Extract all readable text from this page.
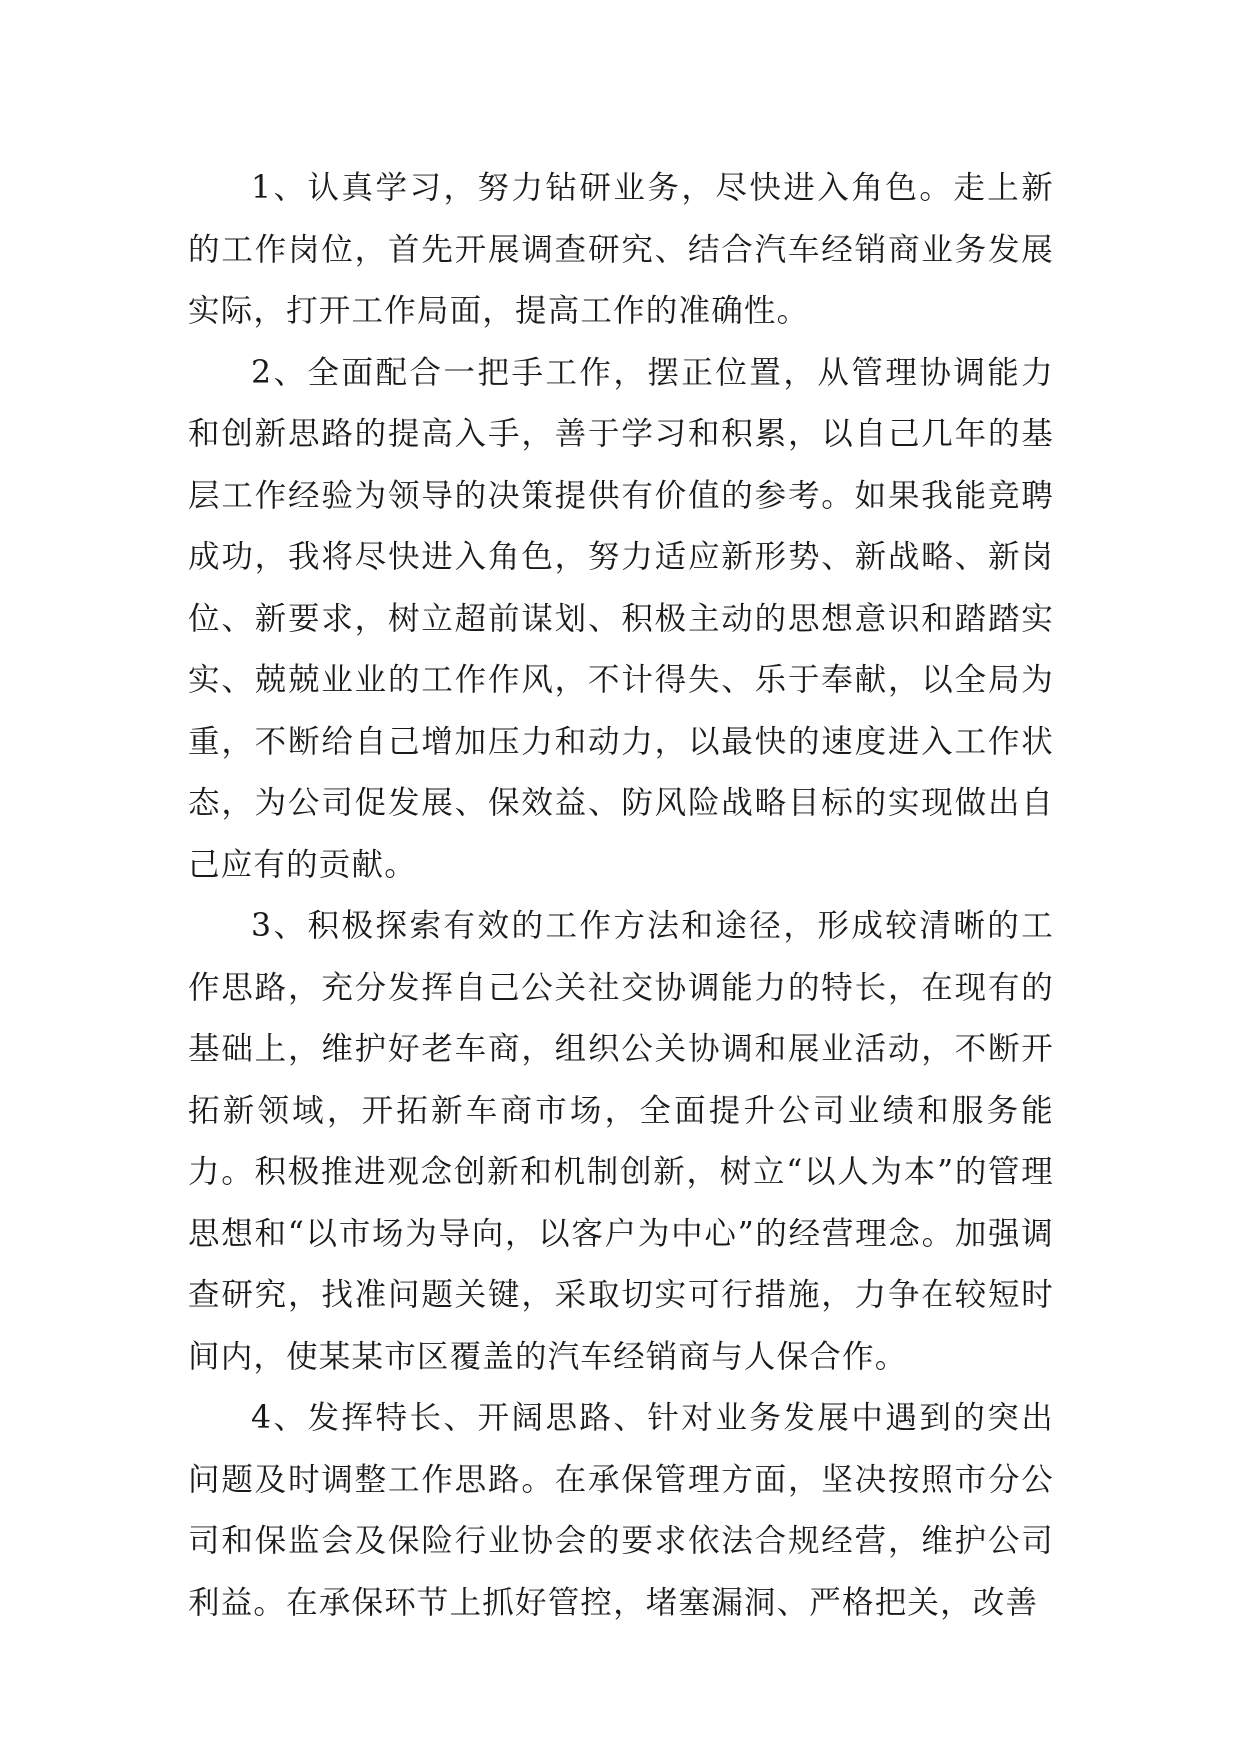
1、认真学习，努力钻研业务，尽快进入角色。走上新的工作岗位，首先开展调查研究、结合汽车经销商业务发展实际，打开工作局面，提高工作的准确性。

2、全面配合一把手工作，摆正位置，从管理协调能力和创新思路的提高入手，善于学习和积累，以自己几年的基层工作经验为领导的决策提供有价值的参考。如果我能竞聘成功，我将尽快进入角色，努力适应新形势、新战略、新岗位、新要求，树立超前谋划、积极主动的思想意识和踏踏实实、兢兢业业的工作作风，不计得失、乐于奉献，以全局为重，不断给自己增加压力和动力，以最快的速度进入工作状态，为公司促发展、保效益、防风险战略目标的实现做出自己应有的贡献。

3、积极探索有效的工作方法和途径，形成较清晰的工作思路，充分发挥自己公关社交协调能力的特长，在现有的基础上，维护好老车商，组织公关协调和展业活动，不断开拓新领域，开拓新车商市场，全面提升公司业绩和服务能力。积极推进观念创新和机制创新，树立“以人为本”的管理思想和“以市场为导向，以客户为中心”的经营理念。加强调查研究，找准问题关键，采取切实可行措施，力争在较短时间内，使某某市区覆盖的汽车经销商与人保合作。

4、发挥特长、开阔思路、针对业务发展中遇到的突出问题及时调整工作思路。在承保管理方面，坚决按照市分公司和保监会及保险行业协会的要求依法合规经营，维护公司利益。在承保环节上抓好管控，堵塞漏洞、严格把关，改善
